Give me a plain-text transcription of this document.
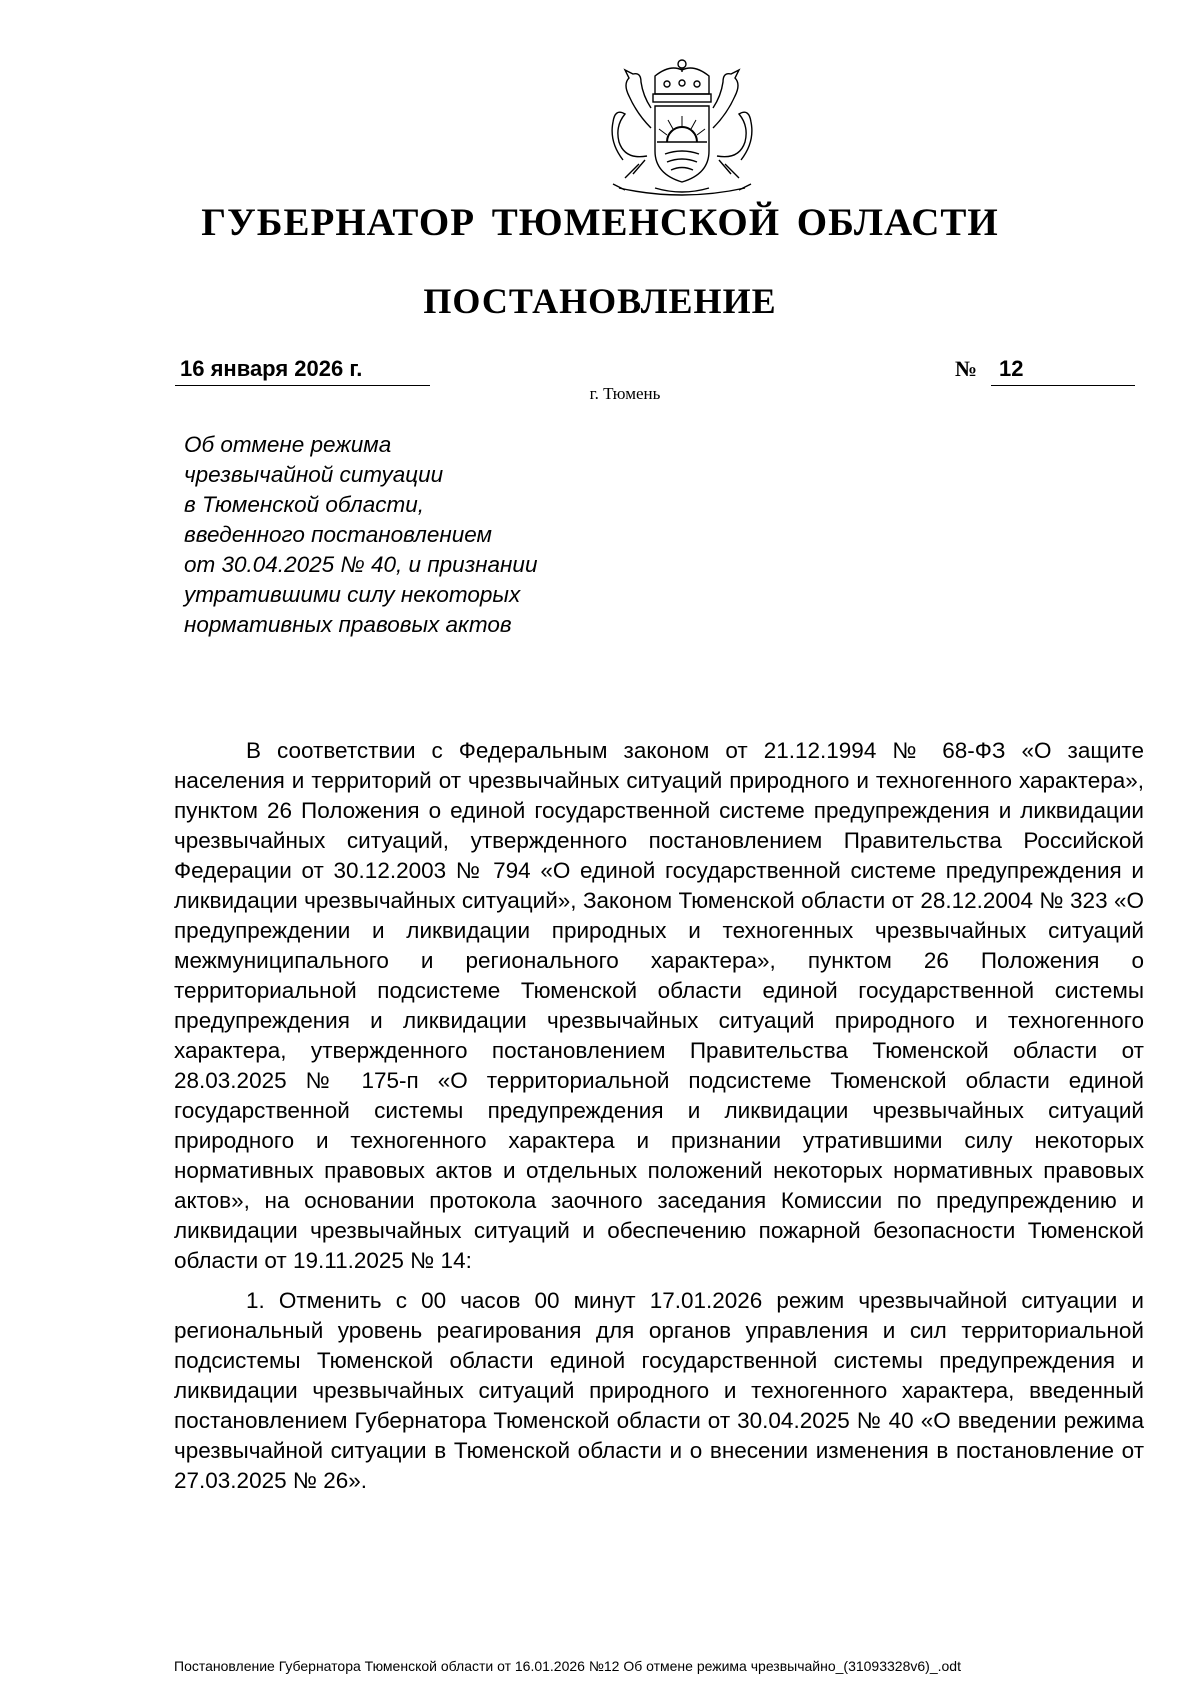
ГУБЕРНАТОР ТЮМЕНСКОЙ ОБЛАСТИ
ПОСТАНОВЛЕНИЕ
16 января 2026 г.	№ 12
г. Тюмень
Об отмене режима
чрезвычайной ситуации
в Тюменской области,
введенного постановлением
от 30.04.2025 № 40, и признании
утратившими силу некоторых
нормативных правовых актов

В соответствии с Федеральным законом от 21.12.1994 № 68-ФЗ «О защите населения и территорий от чрезвычайных ситуаций природного и техногенного характера», пунктом 26 Положения о единой государственной системе предупреждения и ликвидации чрезвычайных ситуаций, утвержденного постановлением Правительства Российской Федерации от 30.12.2003 № 794 «О единой государственной системе предупреждения и ликвидации чрезвычайных ситуаций», Законом Тюменской области от 28.12.2004 № 323 «О предупреждении и ликвидации природных и техногенных чрезвычайных ситуаций межмуниципального и регионального характера», пунктом 26 Положения о территориальной подсистеме Тюменской области единой государственной системы предупреждения и ликвидации чрезвычайных ситуаций природного и техногенного характера, утвержденного постановлением Правительства Тюменской области от 28.03.2025 № 175-п «О территориальной подсистеме Тюменской области единой государственной системы предупреждения и ликвидации чрезвычайных ситуаций природного и техногенного характера и признании утратившими силу некоторых нормативных правовых актов и отдельных положений некоторых нормативных правовых актов», на основании протокола заочного заседания Комиссии по предупреждению и ликвидации чрезвычайных ситуаций и обеспечению пожарной безопасности Тюменской области от 19.11.2025 № 14:

1. Отменить с 00 часов 00 минут 17.01.2026 режим чрезвычайной ситуации и региональный уровень реагирования для органов управления и сил территориальной подсистемы Тюменской области единой государственной системы предупреждения и ликвидации чрезвычайных ситуаций природного и техногенного характера, введенный постановлением Губернатора Тюменской области от 30.04.2025 № 40 «О введении режима чрезвычайной ситуации в Тюменской области и о внесении изменения в постановление от 27.03.2025 № 26».

Постановление Губернатора Тюменской области от 16.01.2026 №12 Об отмене режима чрезвычайно_(31093328v6)_.odt
